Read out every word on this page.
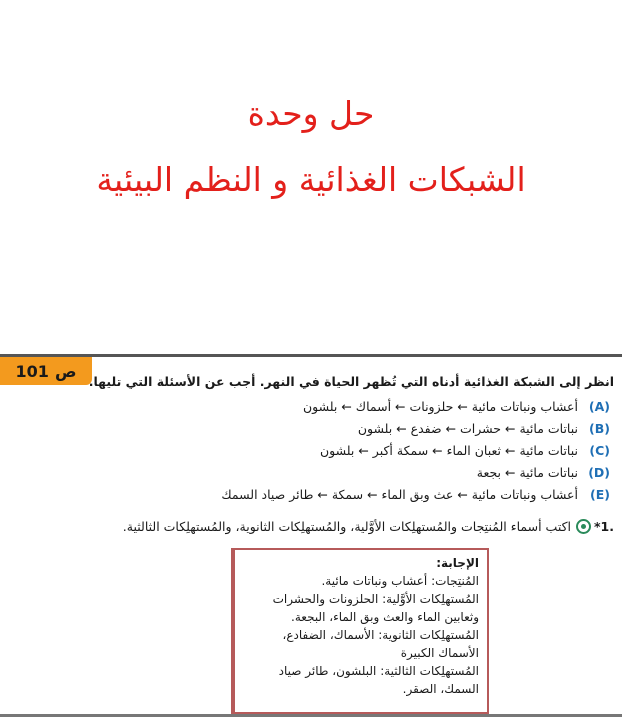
حل وحدة
الشبكات الغذائية و النظم البيئية
ص
101
انظر إلى الشبكة الغذائية أدناه التي تُظهر الحياة في النهر. أجب عن الأسئلة التي تليها.
(A)
أعشاب ونباتات مائية ← حلزونات ← أسماك ← بلشون
(B)
نباتات مائية ← حشرات ← ضفدع ← بلشون
(C)
نباتات مائية ← ثعبان الماء ← سمكة أكبر ← بلشون
(D)
نباتات مائية ← بجعة
(E)
أعشاب ونباتات مائية ← عث وبق الماء ← سمكة ← طائر صياد السمك
*1.
اكتب أسماء المُنتِجات والمُستهلِكات الأوَّلية، والمُستهلِكات الثانوية، والمُستهلِكات الثالثية.

الإجابة:

المُنتِجات: أعشاب ونباتات مائية.

المُستهلِكات الأوَّلية: الحلزونات والحشرات وثعابين الماء والعث وبق الماء، البجعة.

المُستهلِكات الثانوية: الأسماك، الضفادع، الأسماك الكبيرة

المُستهلِكات الثالثية: البلشون، طائر صياد السمك، الصقر.
